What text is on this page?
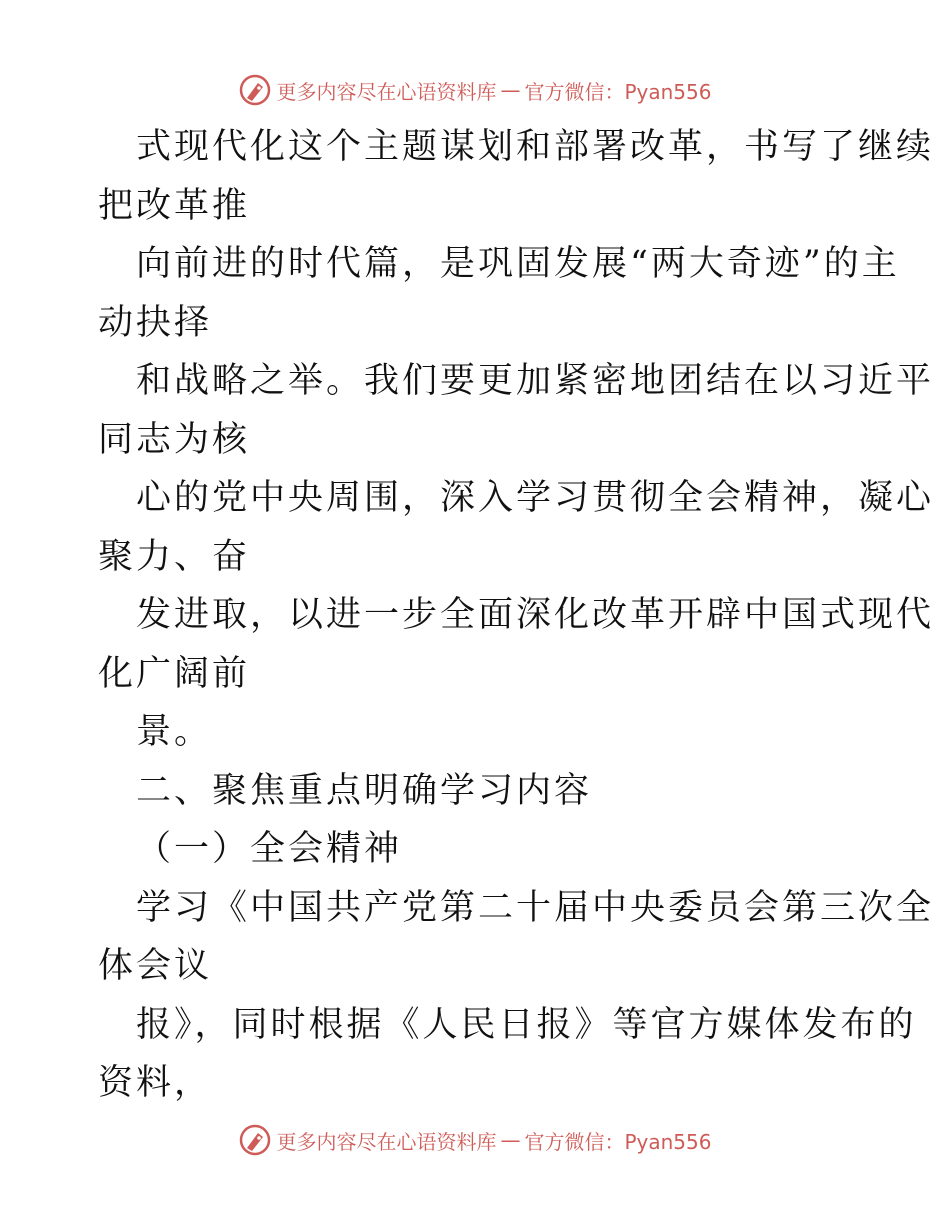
更多内容尽在心语资料库 — 官方微信：Pyan556
式现代化这个主题谋划和部署改革，书写了继续
把改革推
向前进的时代篇，是巩固发展“两大奇迹”的主
动抉择
和战略之举。我们要更加紧密地团结在以习近平
同志为核
心的党中央周围，深入学习贯彻全会精神，凝心
聚力、奋
发进取，以进一步全面深化改革开辟中国式现代
化广阔前
景。
二、聚焦重点明确学习内容
（一）全会精神
学习《中国共产党第二十届中央委员会第三次全
体会议
报》，同时根据《人民日报》等官方媒体发布的
资料，
更多内容尽在心语资料库 — 官方微信：Pyan556
